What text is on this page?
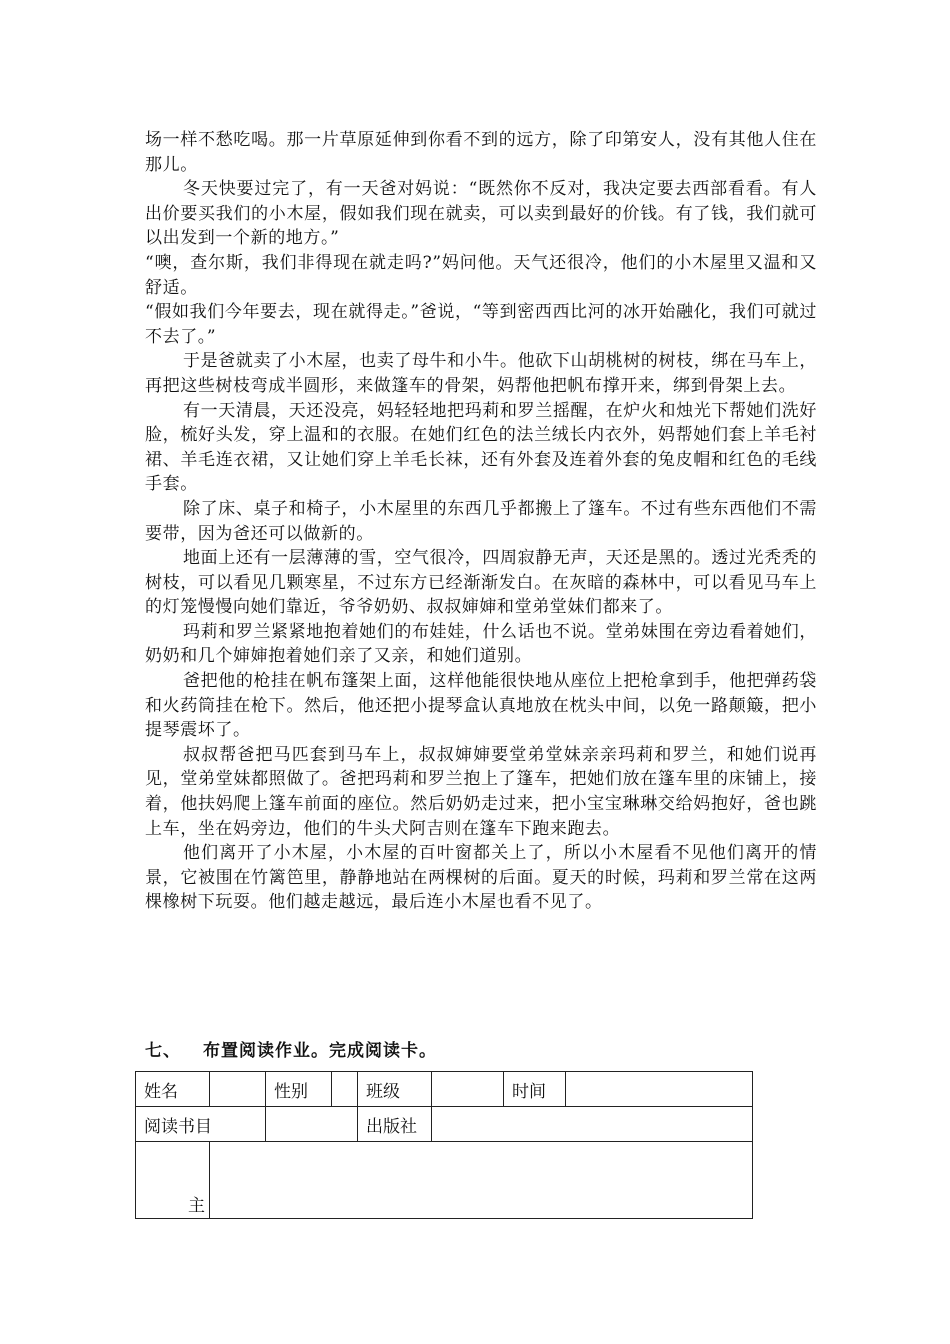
场一样不愁吃喝。那一片草原延伸到你看不到的远方，除了印第安人，没有其他人住在那儿。

冬天快要过完了，有一天爸对妈说：“既然你不反对，我决定要去西部看看。有人出价要买我们的小木屋，假如我们现在就卖，可以卖到最好的价钱。有了钱，我们就可以出发到一个新的地方。”

“噢，查尔斯，我们非得现在就走吗?”妈问他。天气还很冷，他们的小木屋里又温和又舒适。

“假如我们今年要去，现在就得走。”爸说，“等到密西西比河的冰开始融化，我们可就过不去了。”

于是爸就卖了小木屋，也卖了母牛和小牛。他砍下山胡桃树的树枝，绑在马车上，再把这些树枝弯成半圆形，来做篷车的骨架，妈帮他把帆布撑开来，绑到骨架上去。

有一天清晨，天还没亮，妈轻轻地把玛莉和罗兰摇醒，在炉火和烛光下帮她们洗好脸，梳好头发，穿上温和的衣服。在她们红色的法兰绒长内衣外，妈帮她们套上羊毛衬裙、羊毛连衣裙，又让她们穿上羊毛长袜，还有外套及连着外套的兔皮帽和红色的毛线手套。

除了床、桌子和椅子，小木屋里的东西几乎都搬上了篷车。不过有些东西他们不需要带，因为爸还可以做新的。

地面上还有一层薄薄的雪，空气很冷，四周寂静无声，天还是黑的。透过光秃秃的树枝，可以看见几颗寒星，不过东方已经渐渐发白。在灰暗的森林中，可以看见马车上的灯笼慢慢向她们靠近，爷爷奶奶、叔叔婶婶和堂弟堂妹们都来了。

玛莉和罗兰紧紧地抱着她们的布娃娃，什么话也不说。堂弟妹围在旁边看着她们，奶奶和几个婶婶抱着她们亲了又亲，和她们道别。

爸把他的枪挂在帆布篷架上面，这样他能很快地从座位上把枪拿到手，他把弹药袋和火药筒挂在枪下。然后，他还把小提琴盒认真地放在枕头中间，以免一路颠簸，把小提琴震坏了。

叔叔帮爸把马匹套到马车上，叔叔婶婶要堂弟堂妹亲亲玛莉和罗兰，和她们说再见，堂弟堂妹都照做了。爸把玛莉和罗兰抱上了篷车，把她们放在篷车里的床铺上，接着，他扶妈爬上篷车前面的座位。然后奶奶走过来，把小宝宝琳琳交给妈抱好，爸也跳上车，坐在妈旁边，他们的牛头犬阿吉则在篷车下跑来跑去。

他们离开了小木屋，小木屋的百叶窗都关上了，所以小木屋看不见他们离开的情景，它被围在竹篱笆里，静静地站在两棵树的后面。夏天的时候，玛莉和罗兰常在这两棵橡树下玩耍。他们越走越远，最后连小木屋也看不见了。

七、 布置阅读作业。完成阅读卡。
姓名		性别		班级		时间	
阅读书目				出版社			
主							
